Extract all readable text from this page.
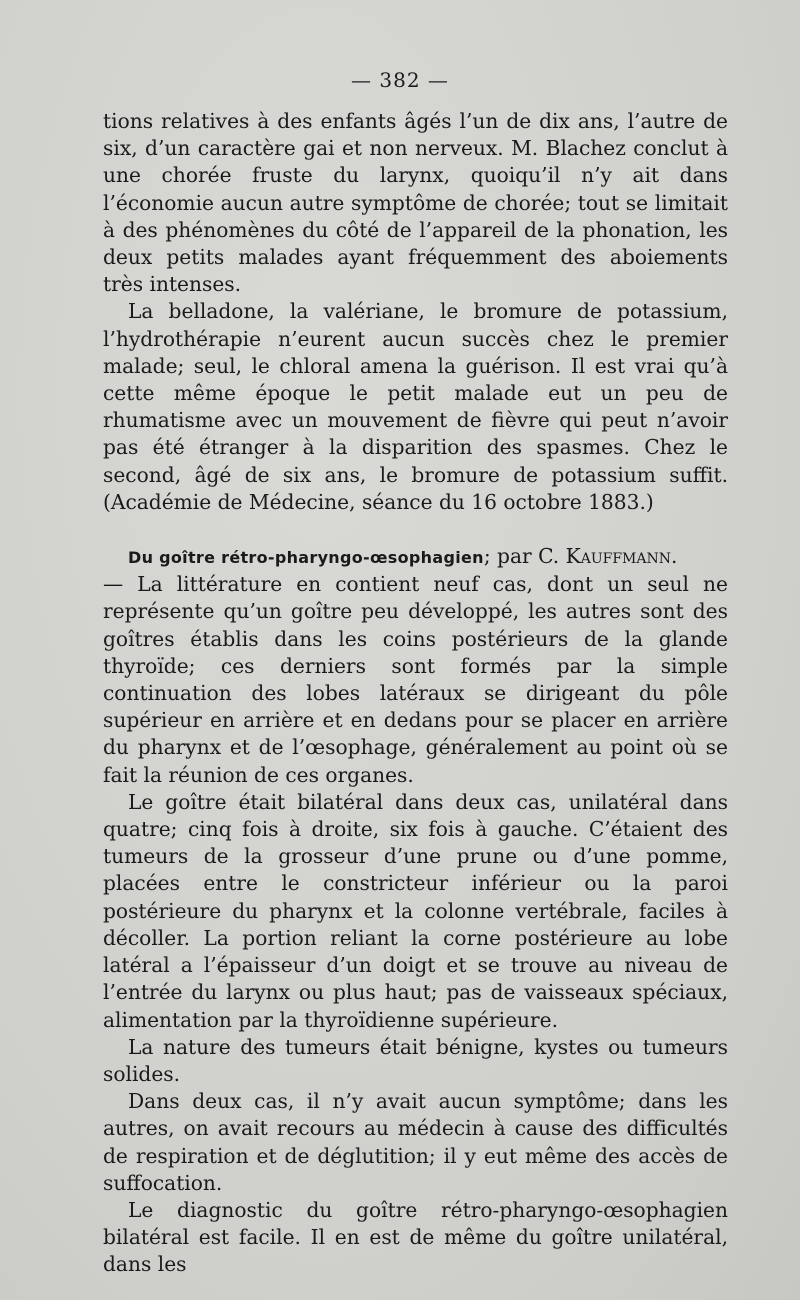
— 382 —

tions relatives à des enfants âgés l’un de dix ans, l’autre de six, d’un caractère gai et non nerveux. M. Blachez conclut à une chorée fruste du larynx, quoiqu’il n’y ait dans l’économie aucun autre symptôme de chorée; tout se limitait à des phénomènes du côté de l’appareil de la phonation, les deux petits malades ayant fréquemment des aboiements très intenses.

La belladone, la valériane, le bromure de potassium, l’hydrothérapie n’eurent aucun succès chez le premier malade; seul, le chloral amena la guérison. Il est vrai qu’à cette même époque le petit malade eut un peu de rhumatisme avec un mouvement de fièvre qui peut n’avoir pas été étranger à la disparition des spasmes. Chez le second, âgé de six ans, le bromure de potassium suffit. (Académie de Médecine, séance du 16 octobre 1883.)

Du goître rétro-pharyngo-œsophagien; par C. Kauffmann.

— La littérature en contient neuf cas, dont un seul ne représente qu’un goître peu développé, les autres sont des goîtres établis dans les coins postérieurs de la glande thyroïde; ces derniers sont formés par la simple continuation des lobes latéraux se dirigeant du pôle supérieur en arrière et en dedans pour se placer en arrière du pharynx et de l’œsophage, généralement au point où se fait la réunion de ces organes.

Le goître était bilatéral dans deux cas, unilatéral dans quatre; cinq fois à droite, six fois à gauche. C’étaient des tumeurs de la grosseur d’une prune ou d’une pomme, placées entre le constricteur inférieur ou la paroi postérieure du pharynx et la colonne vertébrale, faciles à décoller. La portion reliant la corne postérieure au lobe latéral a l’épaisseur d’un doigt et se trouve au niveau de l’entrée du larynx ou plus haut; pas de vaisseaux spéciaux, alimentation par la thyroïdienne supérieure.

La nature des tumeurs était bénigne, kystes ou tumeurs solides.

Dans deux cas, il n’y avait aucun symptôme; dans les autres, on avait recours au médecin à cause des difficultés de respiration et de déglutition; il y eut même des accès de suffocation.

Le diagnostic du goître rétro-pharyngo-œsophagien bilatéral est facile. Il en est de même du goître unilatéral, dans les
